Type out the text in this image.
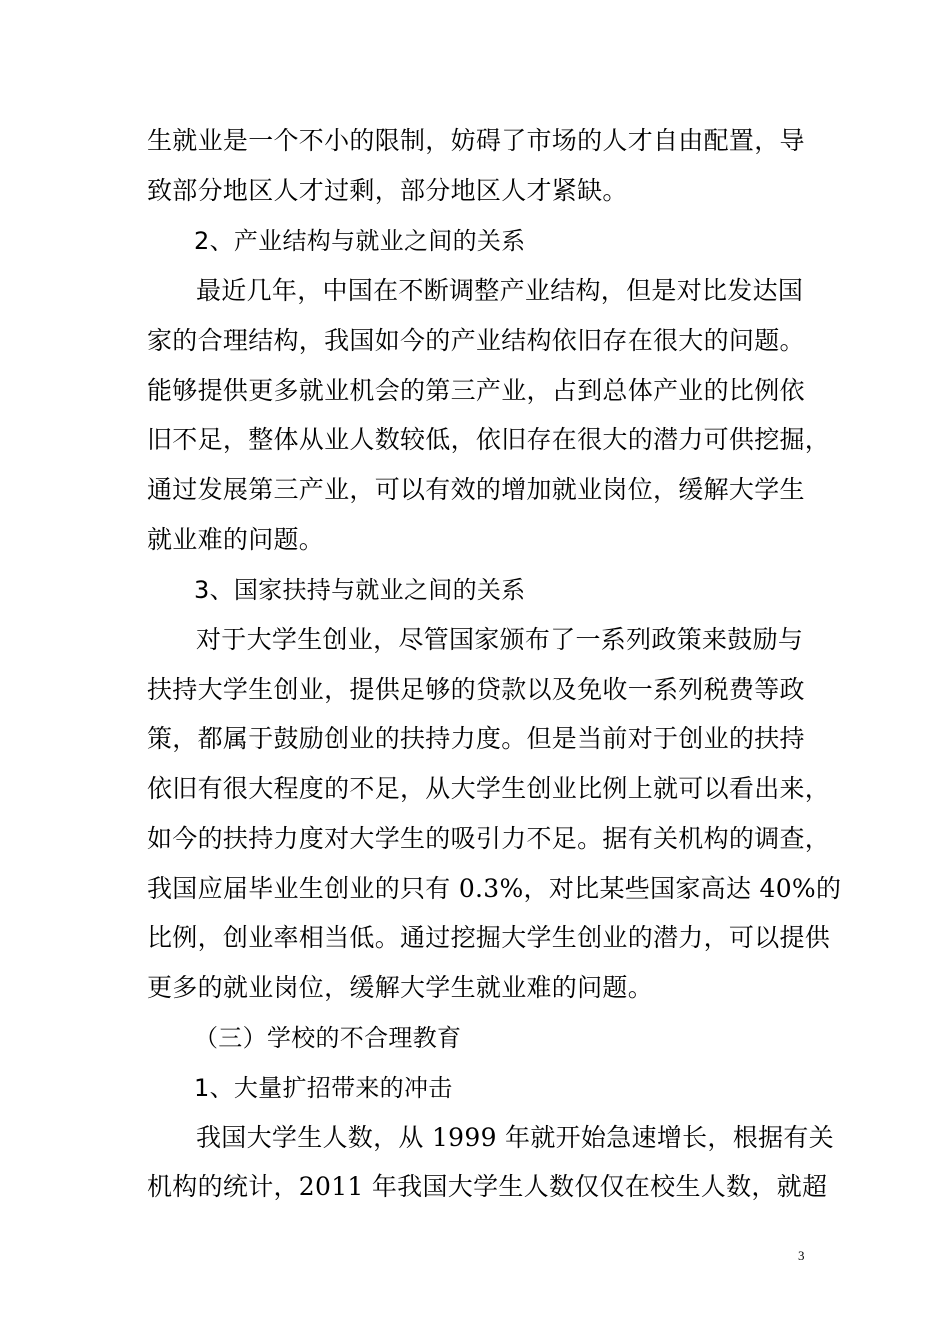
生就业是一个不小的限制，妨碍了市场的人才自由配置，导
致部分地区人才过剩，部分地区人才紧缺。
2、产业结构与就业之间的关系
最近几年，中国在不断调整产业结构，但是对比发达国
家的合理结构，我国如今的产业结构依旧存在很大的问题。
能够提供更多就业机会的第三产业，占到总体产业的比例依
旧不足，整体从业人数较低，依旧存在很大的潜力可供挖掘，
通过发展第三产业，可以有效的增加就业岗位，缓解大学生
就业难的问题。
3、国家扶持与就业之间的关系
对于大学生创业，尽管国家颁布了一系列政策来鼓励与
扶持大学生创业，提供足够的贷款以及免收一系列税费等政
策，都属于鼓励创业的扶持力度。但是当前对于创业的扶持
依旧有很大程度的不足，从大学生创业比例上就可以看出来，
如今的扶持力度对大学生的吸引力不足。据有关机构的调查，
我国应届毕业生创业的只有 0.3%，对比某些国家高达 40%的
比例，创业率相当低。通过挖掘大学生创业的潜力，可以提供
更多的就业岗位，缓解大学生就业难的问题。
（三）学校的不合理教育
1、大量扩招带来的冲击
我国大学生人数，从 1999 年就开始急速增长，根据有关
机构的统计，2011 年我国大学生人数仅仅在校生人数，就超
3
